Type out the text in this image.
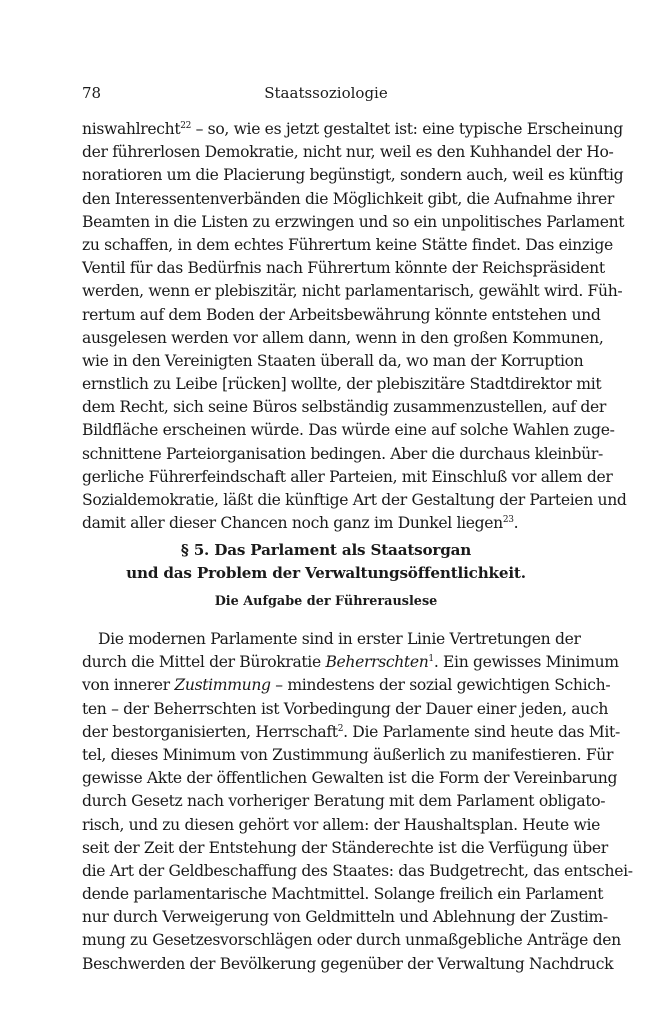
78	Staatssoziologie
niswahlrecht$^{22}$ – so, wie es jetzt gestaltet ist: eine typische Erscheinung
der führerlosen Demokratie, nicht nur, weil es den Kuhhandel der Ho-
noratioren um die Placierung begünstigt, sondern auch, weil es künftig
den Interessentenverbänden die Möglichkeit gibt, die Aufnahme ihrer
Beamten in die Listen zu erzwingen und so ein unpolitisches Parlament
zu schaffen, in dem echtes Führertum keine Stätte findet. Das einzige
Ventil für das Bedürfnis nach Führertum könnte der Reichspräsident
werden, wenn er plebiszitär, nicht parlamentarisch, gewählt wird. Füh-
rertum auf dem Boden der Arbeitsbewährung könnte entstehen und
ausgelesen werden vor allem dann, wenn in den großen Kommunen,
wie in den Vereinigten Staaten überall da, wo man der Korruption
ernstlich zu Leibe [rücken] wollte, der plebiszitäre Stadtdirektor mit
dem Recht, sich seine Büros selbständig zusammenzustellen, auf der
Bildfläche erscheinen würde. Das würde eine auf solche Wahlen zuge-
schnittene Parteiorganisation bedingen. Aber die durchaus kleinbür-
gerliche Führerfeindschaft aller Parteien, mit Einschluß vor allem der
Sozialdemokratie, läßt die künftige Art der Gestaltung der Parteien und
damit aller dieser Chancen noch ganz im Dunkel liegen$^{23}$.
§ 5. Das Parlament als Staatsorgan
und das Problem der Verwaltungsöffentlichkeit.
Die Aufgabe der Führerauslese
Die modernen Parlamente sind in erster Linie Vertretungen der
durch die Mittel der Bürokratie Beherrschten$^1$. Ein gewisses Minimum
von innerer Zustimmung – mindestens der sozial gewichtigen Schich-
ten – der Beherrschten ist Vorbedingung der Dauer einer jeden, auch
der bestorganisierten, Herrschaft$^2$. Die Parlamente sind heute das Mit-
tel, dieses Minimum von Zustimmung äußerlich zu manifestieren. Für
gewisse Akte der öffentlichen Gewalten ist die Form der Vereinbarung
durch Gesetz nach vorheriger Beratung mit dem Parlament obligato-
risch, und zu diesen gehört vor allem: der Haushaltsplan. Heute wie
seit der Zeit der Entstehung der Ständerechte ist die Verfügung über
die Art der Geldbeschaffung des Staates: das Budgetrecht, das entschei-
dende parlamentarische Machtmittel. Solange freilich ein Parlament
nur durch Verweigerung von Geldmitteln und Ablehnung der Zustim-
mung zu Gesetzesvorschlägen oder durch unmaßgebliche Anträge den
Beschwerden der Bevölkerung gegenüber der Verwaltung Nachdruck
